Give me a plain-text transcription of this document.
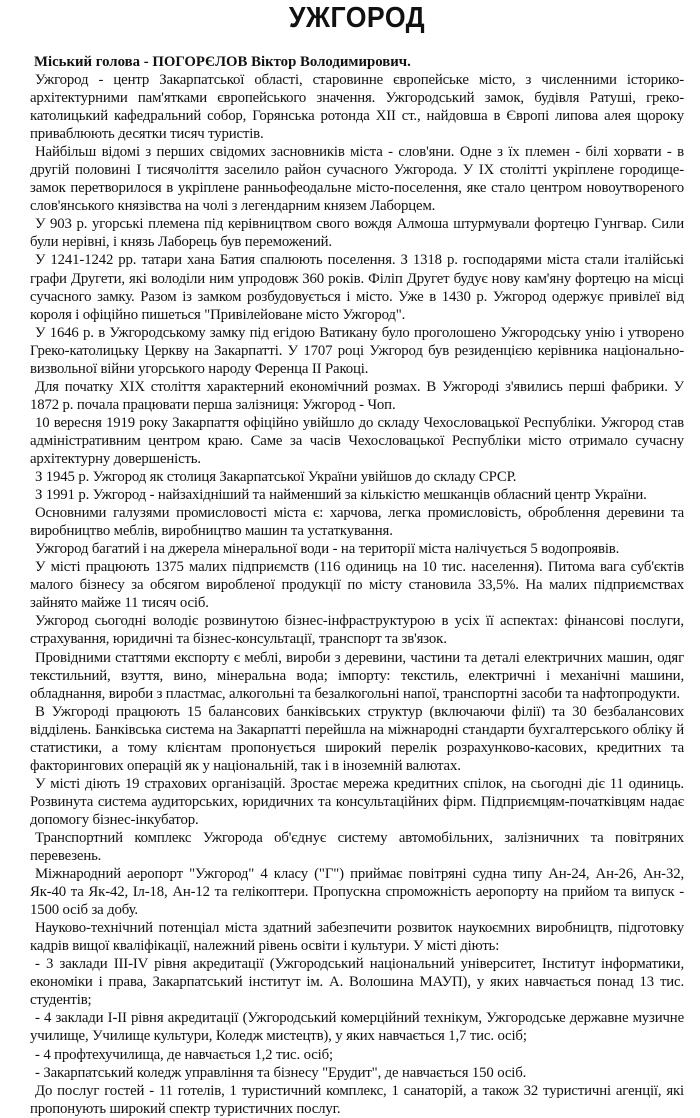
УЖГОРОД

Міський голова - ПОГОРЄЛОВ Віктор Володимирович.

Ужгород - центр Закарпатської області, старовинне європейське місто, з численними історико-архітектурними пам'ятками європейського значення. Ужгородський замок, будівля Ратуші, греко-католицький кафедральний собор, Горянська ротонда XII ст., найдовша в Європі липова алея щороку приваблюють десятки тисяч туристів.

Найбільш відомі з перших свідомих засновників міста - слов'яни. Одне з їх племен - білі хорвати - в другій половині I тисячоліття заселило район сучасного Ужгорода. У IX столітті укріплене городище-замок перетворилося в укріплене ранньофеодальне місто-поселення, яке стало центром новоутвореного слов'янського князівства на чолі з легендарним князем Лаборцем.

У 903 р. угорські племена під керівництвом свого вождя Алмоша штурмували фортецю Гунгвар. Сили були нерівні, і князь Лаборець був переможений.

У 1241-1242 рр. татари хана Батия спалюють поселення. З 1318 р. господарями міста стали італійські графи Другети, які володіли ним упродовж 360 років. Філіп Другет будує нову кам'яну фортецю на місці сучасного замку. Разом із замком розбудовується і місто. Уже в 1430 р. Ужгород одержує привілеї від короля і офіційно пишеться "Привілейоване місто Ужгород".

У 1646 р. в Ужгородському замку під егідою Ватикану було проголошено Ужгородську унію і утворено Греко-католицьку Церкву на Закарпатті. У 1707 році Ужгород був резиденцією керівника національно-визвольної війни угорського народу Ференца II Ракоці.

Для початку XIX століття характерний економічний розмах. В Ужгороді з'явились перші фабрики. У 1872 р. почала працювати перша залізниця: Ужгород - Чоп.

10 вересня 1919 року Закарпаття офіційно увійшло до складу Чехословацької Республіки. Ужгород став адміністративним центром краю. Саме за часів Чехословацької Республіки місто отримало сучасну архітектурну довершеність.

З 1945 р. Ужгород як столиця Закарпатської України увійшов до складу СРСР.

З 1991 р. Ужгород - найзахідніший та найменший за кількістю мешканців обласний центр України.

Основними галузями промисловості міста є: харчова, легка промисловість, оброблення деревини та виробництво меблів, виробництво машин та устаткування.

Ужгород багатий і на джерела мінеральної води - на території міста налічується 5 водопроявів.

У місті працюють 1375 малих підприємств (116 одиниць на 10 тис. населення). Питома вага суб'єктів малого бізнесу за обсягом виробленої продукції по місту становила 33,5%. На малих підприємствах зайнято майже 11 тисяч осіб.

Ужгород сьогодні володіє розвинутою бізнес-інфраструктурою в усіх її аспектах: фінансові послуги, страхування, юридичні та бізнес-консультації, транспорт та зв'язок.

Провідними статтями експорту є меблі, вироби з деревини, частини та деталі електричних машин, одяг текстильний, взуття, вино, мінеральна вода; імпорту: текстиль, електричні і механічні машини, обладнання, вироби з пластмас, алкогольні та безалкогольні напої, транспортні засоби та нафтопродукти.

В Ужгороді працюють 15 балансових банківських структур (включаючи філії) та 30 безбалансових відділень. Банківська система на Закарпатті перейшла на міжнародні стандарти бухгалтерського обліку й статистики, а тому клієнтам пропонується широкий перелік розрахунково-касових, кредитних та факторингових операцій як у національній, так і в іноземній валютах.

У місті діють 19 страхових організацій. Зростає мережа кредитних спілок, на сьогодні діє 11 одиниць. Розвинута система аудиторських, юридичних та консультаційних фірм. Підприємцям-початківцям надає допомогу бізнес-інкубатор.

Транспортний комплекс Ужгорода об'єднує систему автомобільних, залізничних та повітряних перевезень.

Міжнародний аеропорт "Ужгород" 4 класу ("Г") приймає повітряні судна типу Ан-24, Ан-26, Ан-32, Як-40 та Як-42, Іл-18, Ан-12 та гелікоптери. Пропускна спроможність аеропорту на прийом та випуск - 1500 осіб за добу.

Науково-технічний потенціал міста здатний забезпечити розвиток наукоємних виробництв, підготовку кадрів вищої кваліфікації, належний рівень освіти і культури. У місті діють:

- 3 заклади III-IV рівня акредитації (Ужгородський національний університет, Інститут інформатики, економіки і права, Закарпатський інститут ім. А. Волошина МАУП), у яких навчається понад 13 тис. студентів;

- 4 заклади I-II рівня акредитації (Ужгородський комерційний технікум, Ужгородське державне музичне училище, Училище культури, Коледж мистецтв), у яких навчається 1,7 тис. осіб;

- 4 профтехучилища, де навчається 1,2 тис. осіб;

- Закарпатський коледж управління та бізнесу "Ерудит", де навчається 150 осіб.

До послуг гостей - 11 готелів, 1 туристичний комплекс, 1 санаторій, а також 32 туристичні агенції, які пропонують широкий спектр туристичних послуг.
